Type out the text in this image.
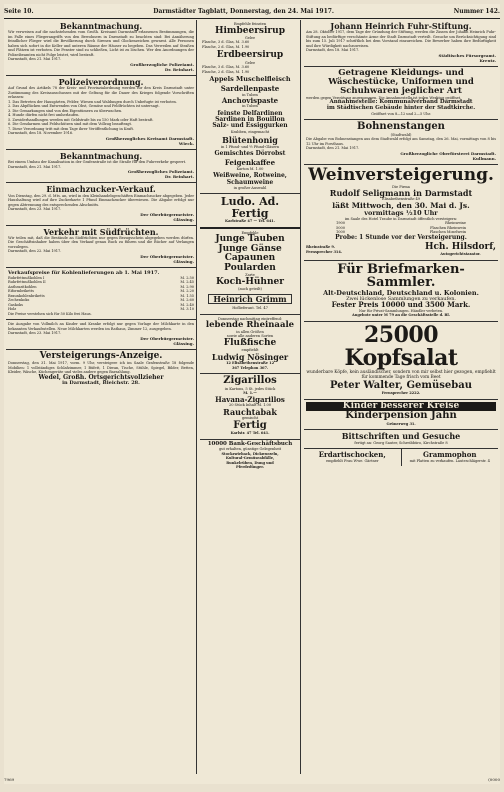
Seite 10.	Darmstädter Tagblatt, Donnerstag, den 24. Mai 1917.	Nummer 142.
Bekanntmachung.
Wir verweisen auf die nachstehenden vom Großh. Kreisamt Darmstadt erlassenen Bestimmungen, die im Falle eines Fliegerangriffs von den Bewohnern in Darmstadt zu beachten sind: Bei Annäherung feindlicher Flieger wird die Bevölkerung durch Sirenen und Glockenzeichen gewarnt. Alle Personen haben sich sofort in die Keller und unteren Räume der Häuser zu begeben. Das Verweilen auf Straßen und Plätzen ist verboten. Die Fenster sind zu schließen, Licht ist zu löschen. Wer den Anordnungen der Polizeibeamten nicht Folge leistet, wird bestraft.
Darmstadt, den 21. Mai 1917.
Großherzogliche Polizeiamt.
Dr. Reinhart.
Polizeiverordnung.
Auf Grund des Artikels 78 der Kreis- und Provinzialordnung werden für den Kreis Darmstadt unter Zustimmung des Kreisausschusses mit der Geltung für die Dauer des Krieges folgende Vorschriften erlassen:
1. Das Betreten der Hausgärten, Felder, Wiesen und Waldungen durch Unbefugte ist verboten.
2. Das Abpflücken und Entwenden von Obst, Gemüse und Feldfrüchten ist untersagt.
3. Die Gemarkungen sind von den Eigentümern zu überwachen.
4. Hunde dürfen nicht frei umherlaufen.
5. Zuwiderhandlungen werden mit Geldstrafe bis zu 150 Mark oder Haft bestraft.
6. Die Gendarmen und Feldschützen sind mit dem Vollzug beauftragt.
7. Diese Verordnung tritt mit dem Tage ihrer Veröffentlichung in Kraft.
Darmstadt, den 18. November 1916.
Großherzogliches Kreisamt Darmstadt.
Wieck.
Bekanntmachung.
Bei einem Umbau der Kanalisation in der Grafenstraße ist die Straße für den Fuhrverkehr gesperrt.
Darmstadt, den 21. Mai 1917.
Großherzogliches Polizeiamt.
Dr. Reinhart.
Einmachzucker-Verkauf.
Von Dienstag, den 29. d. Mts. an, wird in den Kleinhandelsgeschäften Einmachzucker abgegeben. Jeder Haushaltung wird auf ihre Zuckerkarte 1 Pfund Einmachzucker überwiesen. Die Abgabe erfolgt nur gegen Abtrennung des entsprechenden Abschnitts.
Darmstadt, den 23. Mai 1917.
Der Oberbürgermeister.
Glässing.
Verkehr mit Südfrüchten.
Wir teilen mit, daß die Bestände an Südfrüchten nur gegen Bezugsschein abgegeben werden dürfen. Die Geschäftsinhaber haben über den Verkauf genau Buch zu führen und die Bücher auf Verlangen vorzulegen.
Darmstadt, den 22. Mai 1917.
Der Oberbürgermeister.
Glässing.
Verkaufspreise für Kohlenlieferungen ab 1. Mai 1917.
Ruhrfettnußkohlen I	M. 2.50
Ruhrfettnußkohlen II	M. 2.45
Anthrazitkohlen	M. 2.90
Eiformbriketts	M. 2.20
Braunkohlenbriketts	M. 1.55
Zechenkoks	M. 2.60
Gaskoks	M. 2.40
Holz	M. 3.10
Die Preise verstehen sich für 50 Kilo frei Haus.
Die Ausgabe von Vollmilch an Kinder und Kranke erfolgt nur gegen Vorlage der Milchkarte in den bekannten Verkaufsstellen. Neue Milchkarten werden im Rathaus, Zimmer 12, ausgegeben.
Darmstadt, den 23. Mai 1917.
Der Oberbürgermeister.
Glässing.
Versteigerungs-Anzeige.
Donnerstag, den 31. Mai 1917, vorm. 9 Uhr, versteigere ich im Saale Grafenstraße 18 folgende Mobilien: 1 vollständiges Schlafzimmer, 1 Büfett, 1 Diwan, Tische, Stühle, Spiegel, Bilder, Betten, Kleider, Wäsche, Küchengeräte und vieles andere gegen Barzahlung.
Wedel, Großh. Ortsgerichtsvollzieher
in Darmstadt, Bleichstr. 28.
Empfehle feinsten
Himbeersirup
Gelee
Flasche, 3 d. Glas, M. 3.60
Flasche, 2 d. Glas, M. 1.90
Erdbeersirup
Gelee
Flasche, 3 d. Glas, M. 3.60
Flasche, 2 d. Glas, M. 1.90
Appels Muschelfleisch
Sardellenpaste
in Tuben
Anchovispaste
in Tuben
feinste Delfardinen
Sardinen in Bouillon
Salz- und Essiggurken
Krabben, eingemacht
Blütenhonig
in 1 Pfund- und ½ Pfund-Gläsern
Gemischtes Dörrobst
Feigenkaffee
Karton M. 1.00
Weißweine, Rotweine,
Schaumweine
in großer Auswahl
Ludo. Ad. Fertig
Karlstraße 47 — Tel. 641.
Empfehle
Junge Tauben
Junge Gänse
Capaunen
Poularden
Zarte
Koch-Hühner
(auch geteilt)
Heinrich Grimm
Hoflieferant. Tel. 47
Donnerstag nachmittag eintreffend:
lebende Rheinaale
in allen Größen
sowie alle anderen Sorten
Flußfische
empfiehlt
Ludwig Nösinger
12 Elisabethenstraße 12
367 Telephon 367.
Zigarillos
in Kartons, 5 St. jedes Stück
M. 1.—
Havana-Zigarillos
20 Stück Inhalt M. 1.00
Rauchtabak
gemischt
Fertig
Karlstr. 47 Tel. 641.
10000 Bank-Geschäftsbuch
gut erhalten, günstige Gelegenheit
Stockzwieback, Dickwurzeln,
Kultural-Gemüseabfälle,
Runkelrüben, Dung und
Pferdedünger.
Johann Heinrich Fuhr-Stiftung.
Am 28. Oktober 1917, dem Tage der Gründung der Stiftung, werden die Zinsen der Johann Heinrich Fuhr-Stiftung an bedürftige verschämte Arme der Stadt Darmstadt verteilt. Gesuche um Berücksichtigung sind bis zum 15. Juli 1917 schriftlich bei dem Vorstand einzureichen. Die Bewerber haben ihre Bedürftigkeit und ihre Würdigkeit nachzuweisen.
Darmstadt, den 18. Mai 1917.
Städtisches Fürsorgeamt.
Kreutz.
Getragene Kleidungs- und Wäschestücke, Uniformen und Schuhwaren jeglicher Art
werden gegen Vergütung angenommen. Die Annahmestelle ist jeden Werktag geöffnet.
Annahmestelle: Kommunalverband Darmstadt
im Städtischen Gebäude hinter der Stadtkirche.
Geöffnet von 8—12 und 2—5 Uhr.
Bohnenstangen
(Stadtwald)
Die Abgabe von Bohnenstangen aus dem Stadtwald erfolgt am Samstag, den 26. Mai, vormittags von 8 bis 12 Uhr im Forsthaus.
Darmstadt, den 21. Mai 1917.
Großherzogliche Oberförsterei Darmstadt.
Kullmann.
Weinversteigerung.
Die Firma
Rudolf Seligmann in Darmstadt
Elisabethenstraße 49
läßt Mittwoch, den 30. Mai d. Js.
vormittags ½10 Uhr
im Saale des Hotel Traube in Darmstadt öffentlich versteigern:
1900	Rheinweine
5000	Flaschen Rheinwein
1000	Flaschen Moselwein
Probe: 1 Stunde vor der Versteigerung.
Rheinstraße 9.
Fernsprecher 314.	Hch. Hilsdorf,
Autogerichtstaxator.
Für Briefmarken-Sammler.
Alt-Deutschland, Deutschland u. Kolonien.
Zwei lückenlose Sammlungen zu verkaufen.
Fester Preis 10000 und 3500 Mark.
Nur für Privat-Sammlungen. Händler verbeten.
Angebote unter M 79 an die Geschäftsstelle d. Bl.
25000 Kopfsalat
wunderbare Köpfe, kein ausländischer, sondern von mir selbst hier gezogen, empfiehlt für kommende Tage frisch vom Beet
Peter Walter, Gemüsebau
Fernsprecher 2222.
Kinder besserer Kreise
Kinderpension Jahn
Grünerweg 31.
Bittschriften und Gesuche
fertigt an: Georg Sauter, Schreibbüro, Kirchstraße 8
Erdartischocken,
empfiehlt Frau Wwe. Gärtner
Grammophon
mit Platten zu verkaufen. Lauteschlägerstr. 4
7969	(0000
